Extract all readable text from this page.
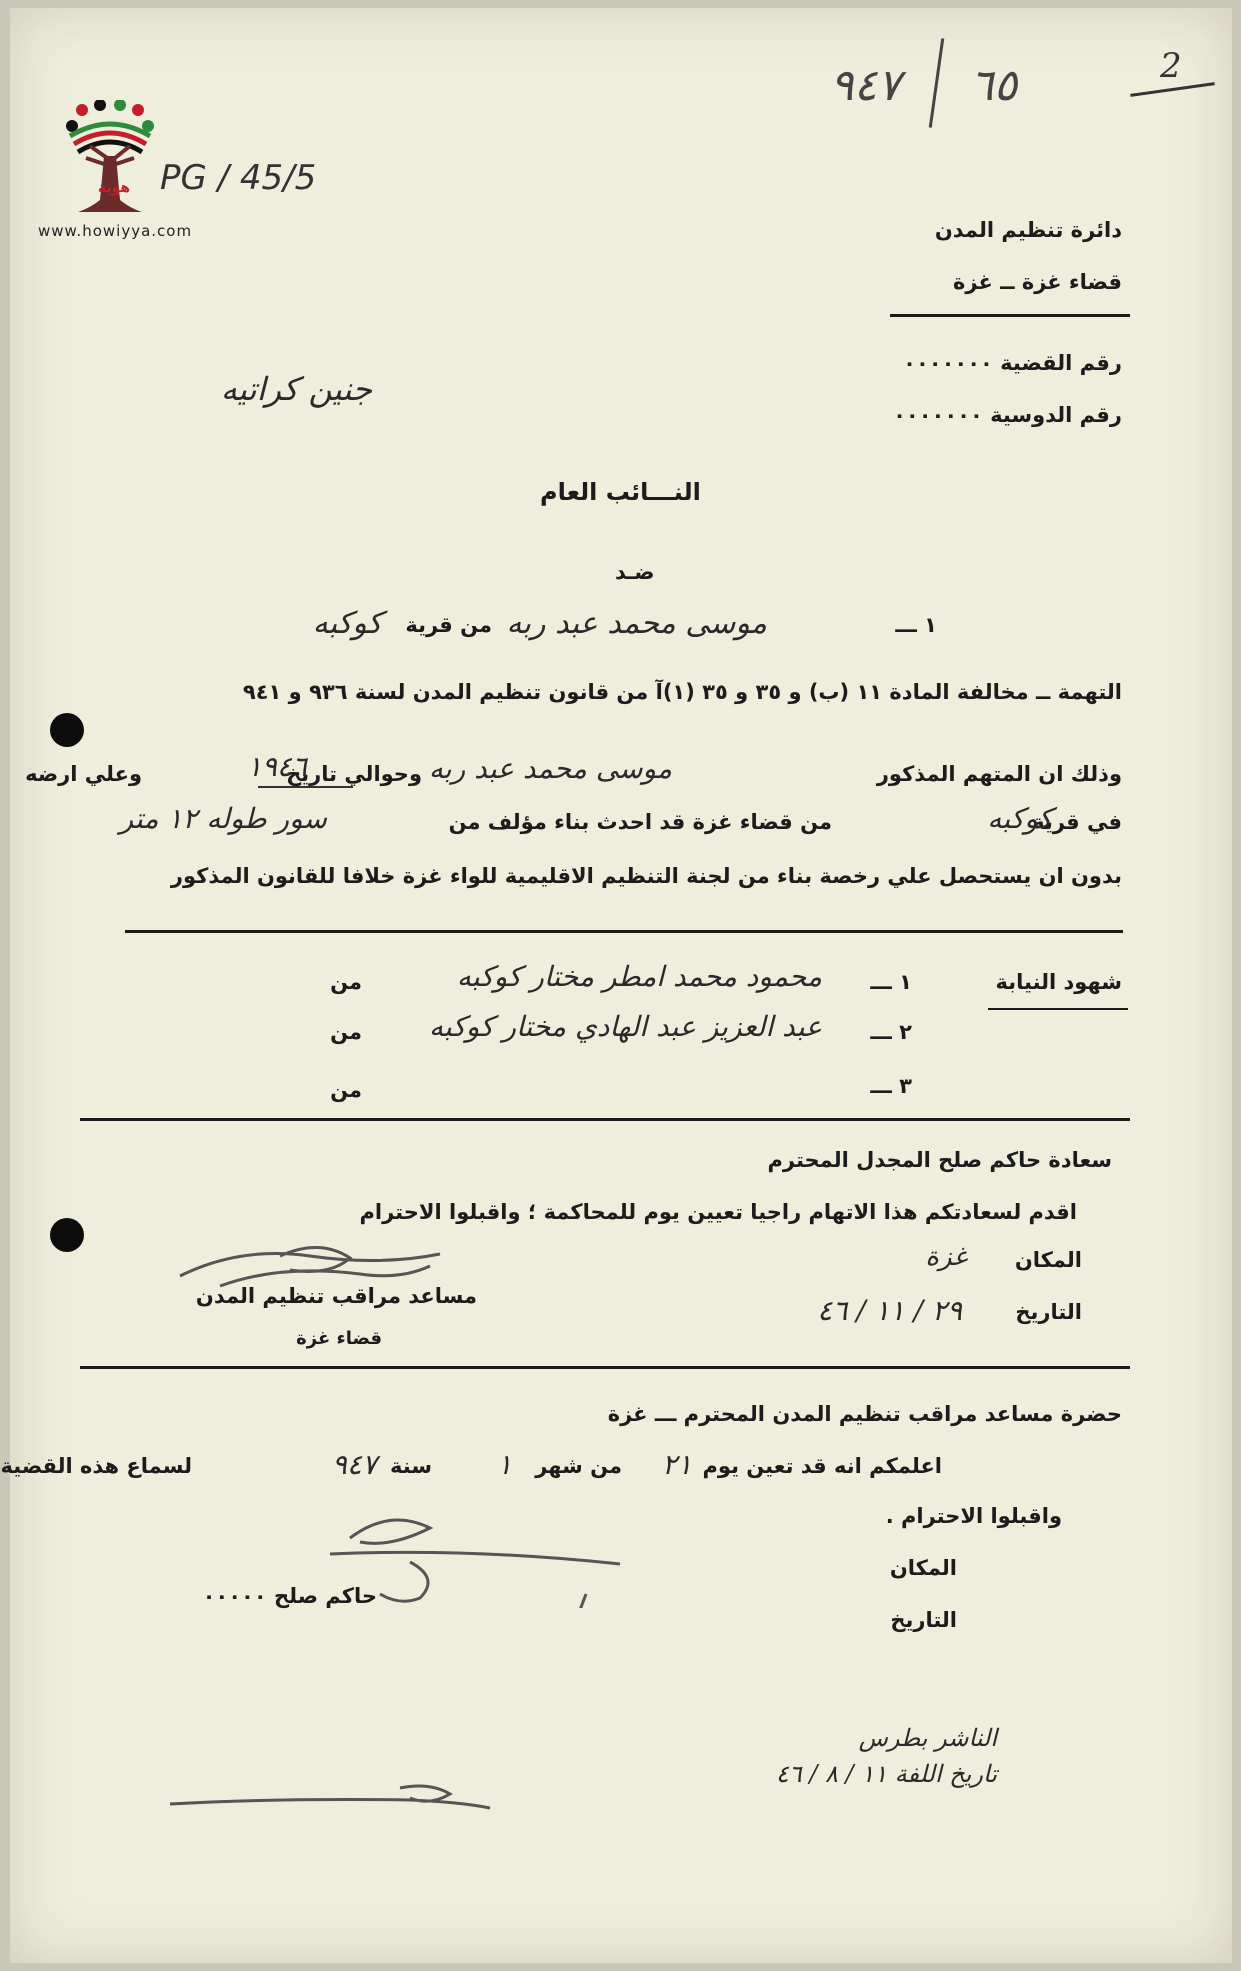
هوية
www.howiyya.com
PG / 45/5
٩٤٧ ٦٥	2
دائرة تنظيم المدن
قضاء غزة ــ غزة
رقم القضية ٠٠٠٠٠٠٠
رقم الدوسية ٠٠٠٠٠٠٠
جنين كراتيه
النـــائب العام
ضـد
١ ـــ
موسى محمد عبد ربه
من قرية
كوكبه
التهمة ــ مخالفة المادة ١١ (ب) و ٣٥ و ٣٥ (١)آ من قانون تنظيم المدن لسنة ٩٣٦ و ٩٤١
وذلك ان المتهم المذكور
موسى محمد عبد ربه
وحوالي تاريخ
١٩٤٦
وعلي ارضه
في قرية
كوكبه
من قضاء غزة قد احدث بناء مؤلف من
سور طوله ١٢ متر
بدون ان يستحصل علي رخصة بناء من لجنة التنظيم الاقليمية للواء غزة خلافا للقانون المذكور
شهود النيابة
١ ـــ
محمود محمد امطر مختار كوكبه
من
٢ ـــ
عبد العزيز عبد الهادي مختار كوكبه
من
٣ ـــ
من
سعادة حاكم صلح المجدل المحترم
اقدم لسعادتكم هذا الاتهام راجيا تعيين يوم للمحاكمة ؛ واقبلوا الاحترام
المكان
غزة
التاريخ
٢٩ / ١١ / ٤٦
مساعد مراقب تنظيم المدن
قضاء غزة
حضرة مساعد مراقب تنظيم المدن المحترم ـــ غزة
اعلمكم انه قد تعين يوم
٢١
من شهر
١
سنة
٩٤٧
لسماع هذه القضية
واقبلوا الاحترام .
المكان
التاريخ
حاكم صلح ٠٠٠٠٠
الناشر بطرس
تاريخ اللفة ١١ / ٨ / ٤٦
